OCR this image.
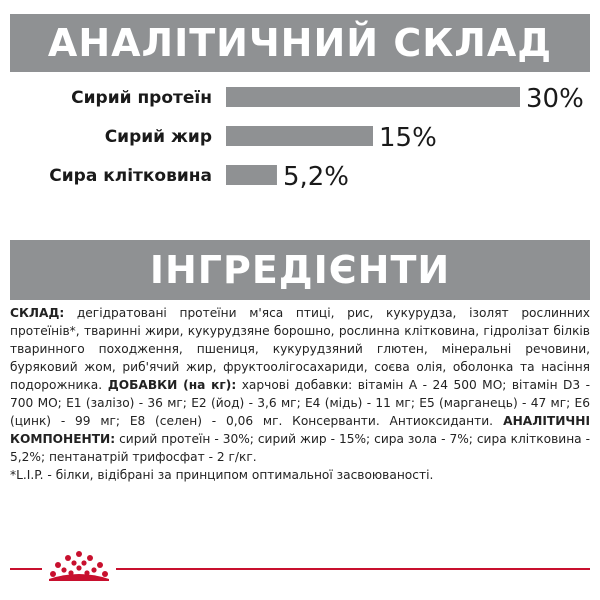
АНАЛІТИЧНИЙ СКЛАД
Сирий протеїн	30%
Сирий жир	15%
Сира клітковина	5,2%
ІНГРЕДІЄНТИ

СКЛАД: дегідратовані протеїни м'яса птиці, рис, кукурудза, ізолят рослинних протеїнів*, тваринні жири, кукурудзяне борошно, рослинна клітковина, гідролізат білків тваринного походження, пшениця, кукурудзяний глютен, мінеральні речовини, буряковий жом, риб'ячий жир, фруктоолігосахариди, соєва олія, оболонка та насіння подорожника. ДОБАВКИ (на кг): харчові добавки: вітамін А - 24 500 МО; вітамін D3 - 700 МО; E1 (залізо) - 36 мг; E2 (йод) - 3,6 мг; E4 (мідь) - 11 мг; E5 (марганець) - 47 мг; E6 (цинк) - 99 мг; E8 (селен) - 0,06 мг. Консерванти. Антиоксиданти. АНАЛІТИЧНІ КОМПОНЕНТИ: сирий протеїн - 30%; сирий жир - 15%; сира зола - 7%; сира клітковина - 5,2%; пентанатрій трифосфат - 2 г/кг.

*L.I.P. - білки, відібрані за принципом оптимальної засвоюваності.
